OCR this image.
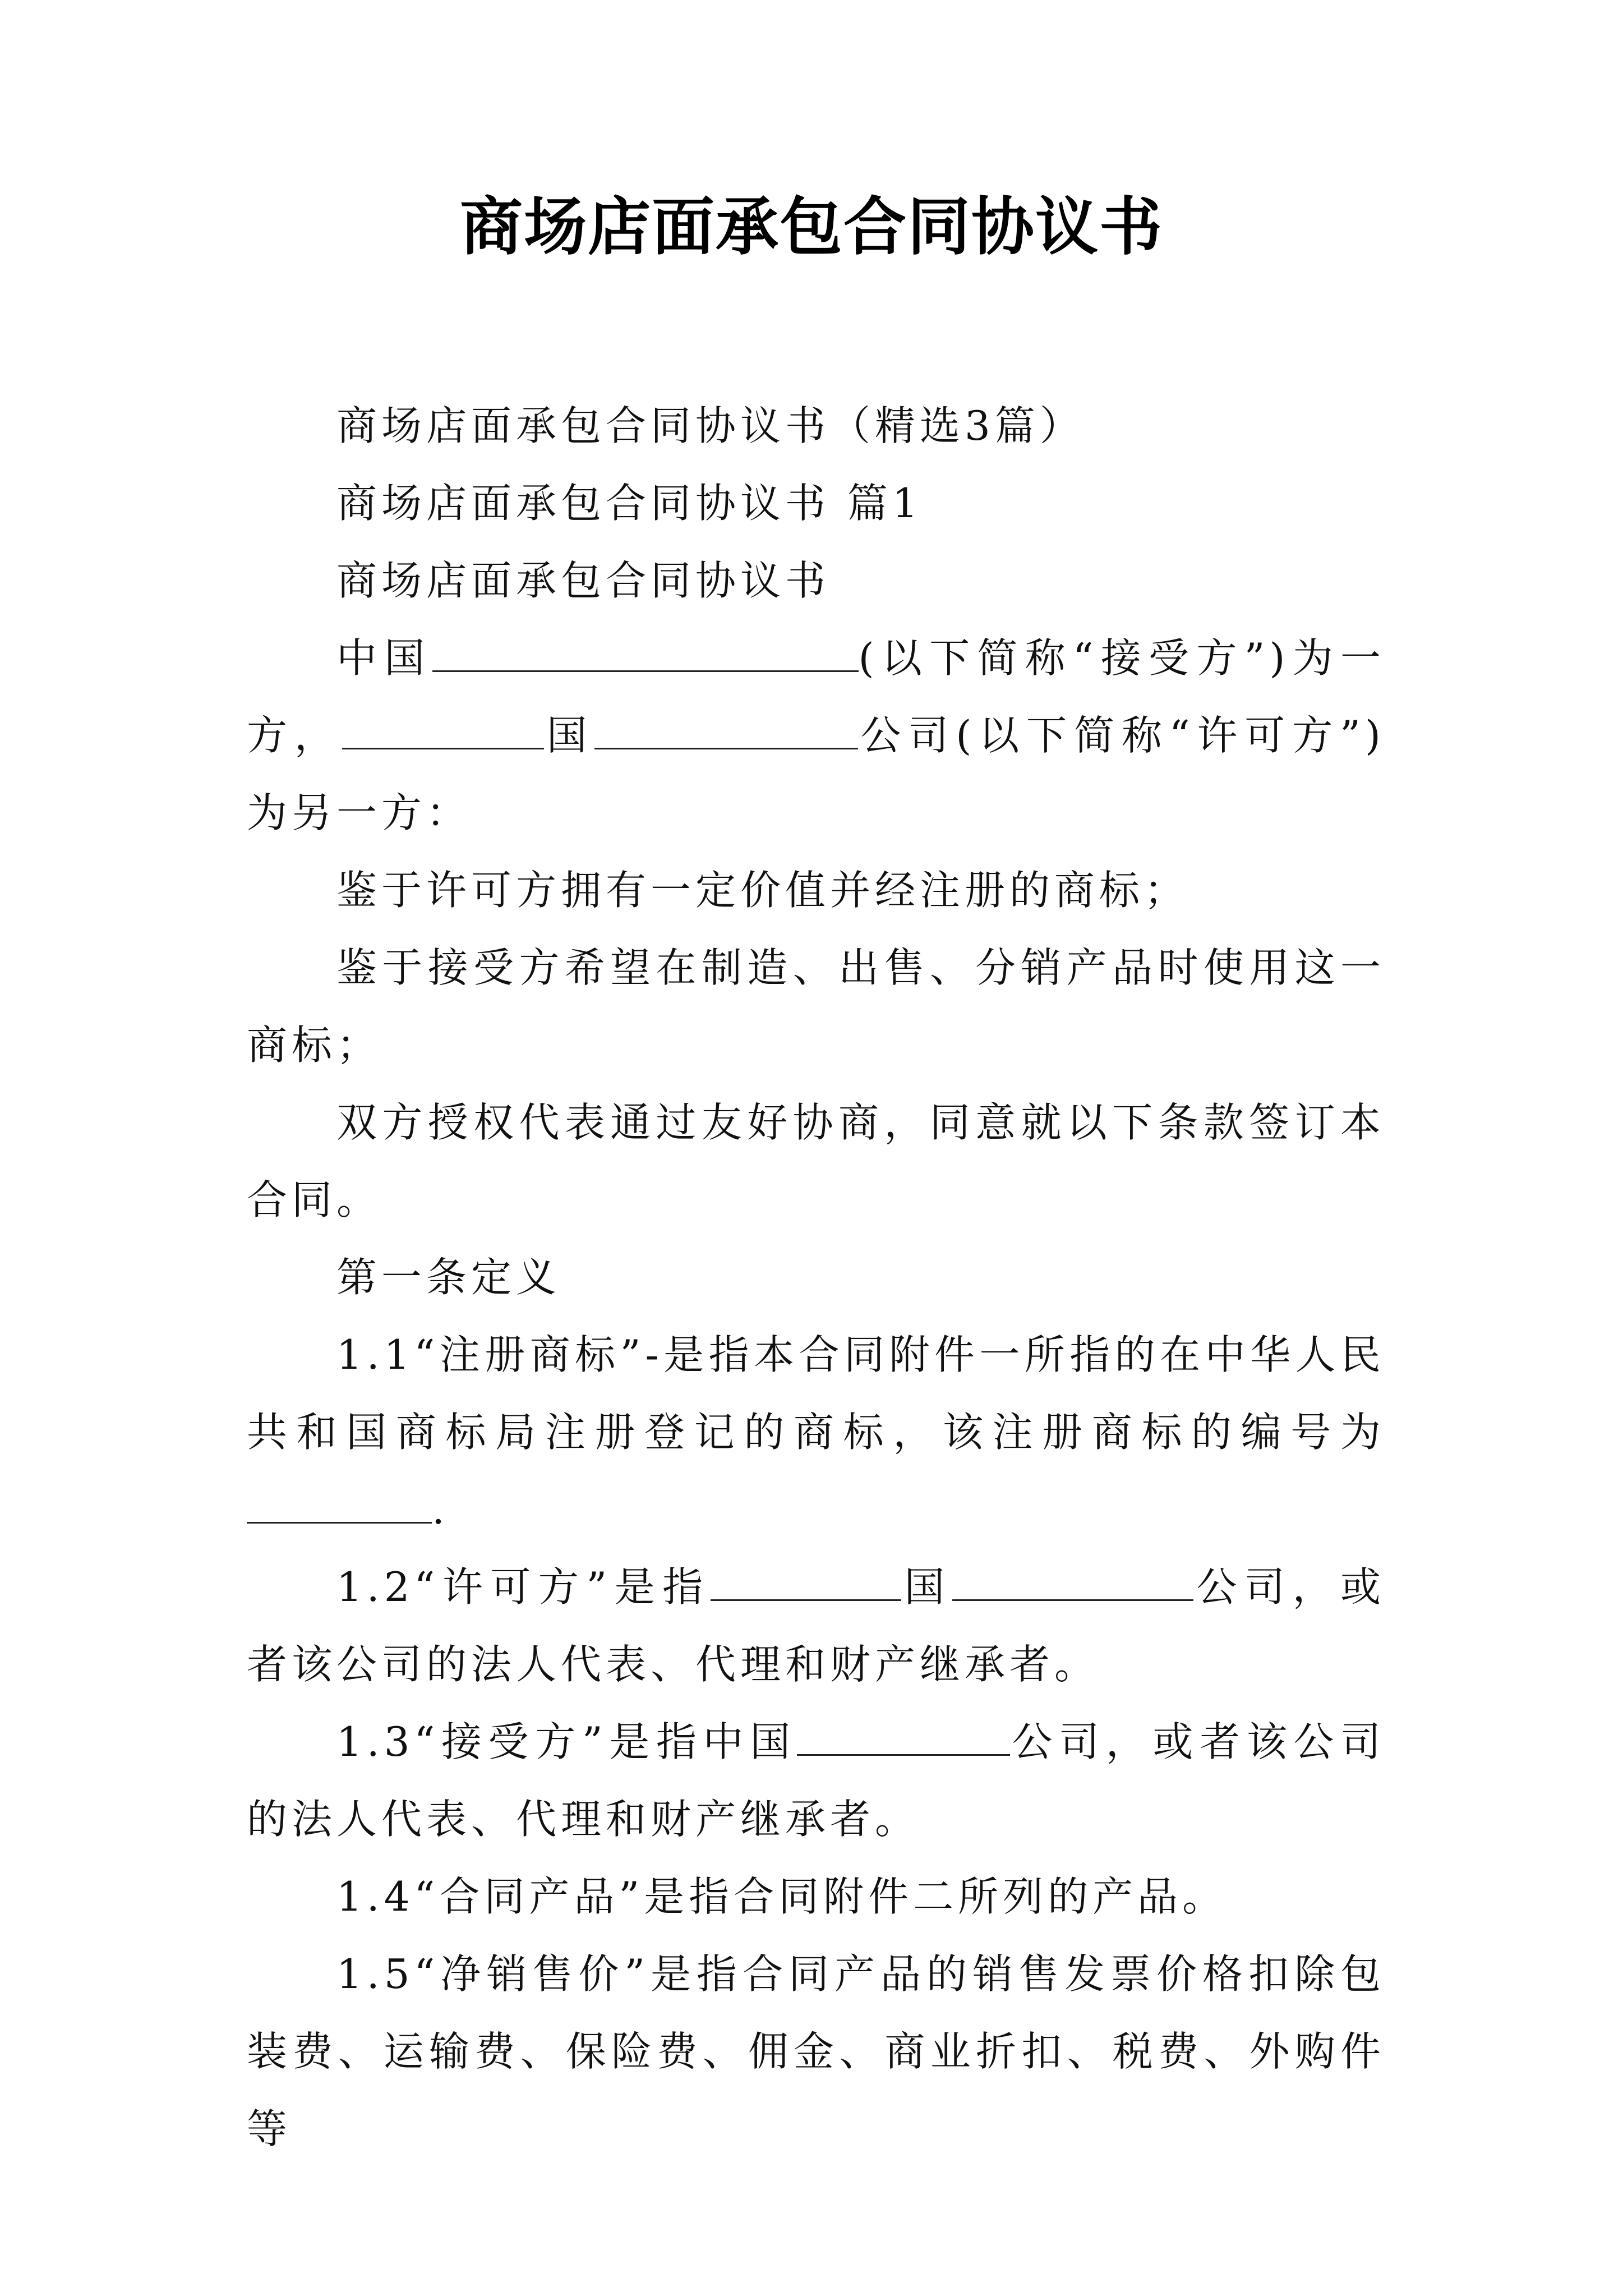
商场店面承包合同协议书

商场店面承包合同协议书（精选3篇）

商场店面承包合同协议书 篇1

商场店面承包合同协议书

中国	(以下简称“接受方”)为一方，	国	公司(以下简称“许可方”)为另一方：

鉴于许可方拥有一定价值并经注册的商标；

鉴于接受方希望在制造、出售、分销产品时使用这一商标；

双方授权代表通过友好协商，同意就以下条款签订本合同。

第一条定义

1.1“注册商标”-是指本合同附件一所指的在中华人民共和国商标局注册登记的商标，该注册商标的编号为.

1.2“许可方”是指	国	公司，或者该公司的法人代表、代理和财产继承者。

1.3“接受方”是指中国	公司，或者该公司的法人代表、代理和财产继承者。

1.4“合同产品”是指合同附件二所列的产品。

1.5“净销售价”是指合同产品的销售发票价格扣除包装费、运输费、保险费、佣金、商业折扣、税费、外购件等
